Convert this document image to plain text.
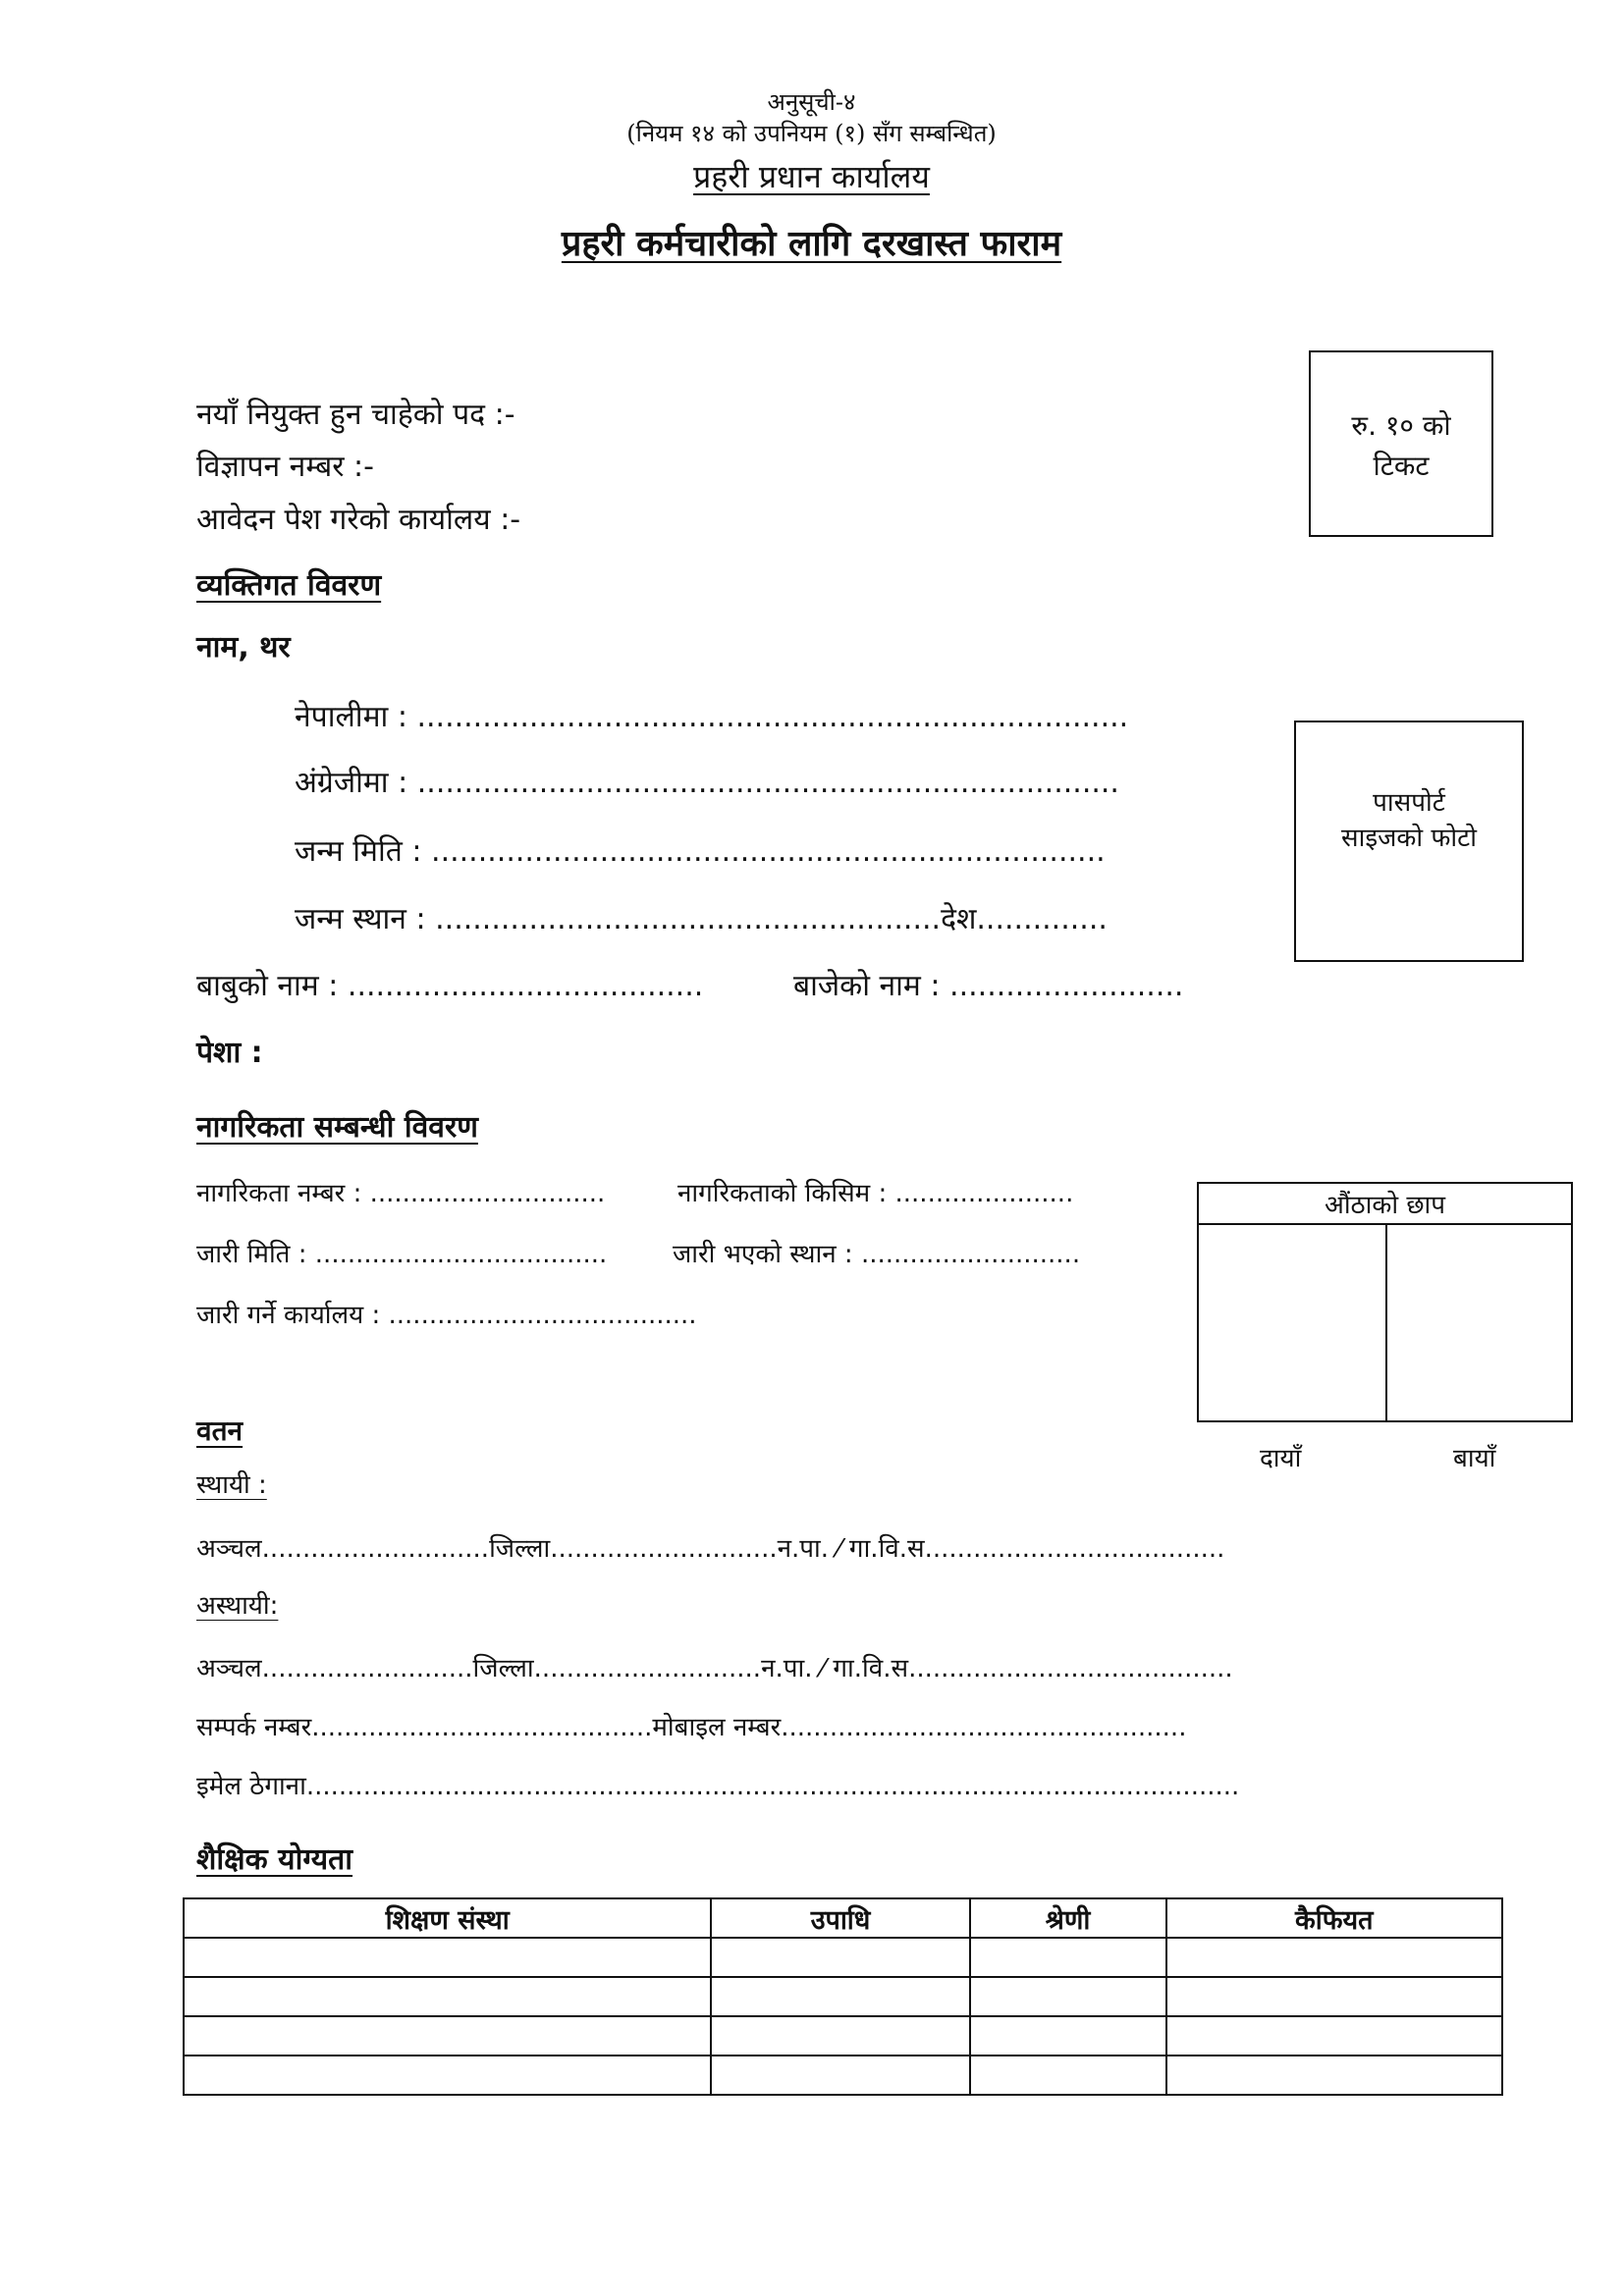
अनुसूची-४
(नियम १४ को उपनियम (१) सँग सम्बन्धित)
प्रहरी प्रधान कार्यालय
प्रहरी कर्मचारीको लागि दरखास्त फाराम
रु. १० को
टिकट
नयाँ नियुक्त हुन चाहेको पद :-
विज्ञापन नम्बर :-
आवेदन पेश गरेको कार्यालय :-
व्यक्तिगत विवरण
नाम, थर
नेपालीमा : ............................................................................
अंग्रेजीमा : ...........................................................................
जन्म मिति : ........................................................................
जन्म स्थान : ......................................................देश..............
बाबुको नाम : ......................................	बाजेको नाम : .........................
पेशा :
पासपोर्ट
साइजको फोटो
नागरिकता सम्बन्धी विवरण
नागरिकता नम्बर : .............................	नागरिकताको किसिम : ......................
जारी मिति : ....................................	जारी भएको स्थान : ...........................
जारी गर्ने कार्यालय : ......................................
औंठाको छाप
दायाँ	बायाँ
वतन
स्थायी :
अञ्चल............................जिल्ला............................न.पा. ⁄ गा.वि.स.....................................
अस्थायी:
अञ्चल..........................जिल्ला............................न.पा. ⁄ गा.वि.स........................................
सम्पर्क नम्बर..........................................मोबाइल नम्बर..................................................
इमेल ठेगाना...................................................................................................................
शैक्षिक योग्यता
शिक्षण संस्था	उपाधि	श्रेणी	कैफियत
